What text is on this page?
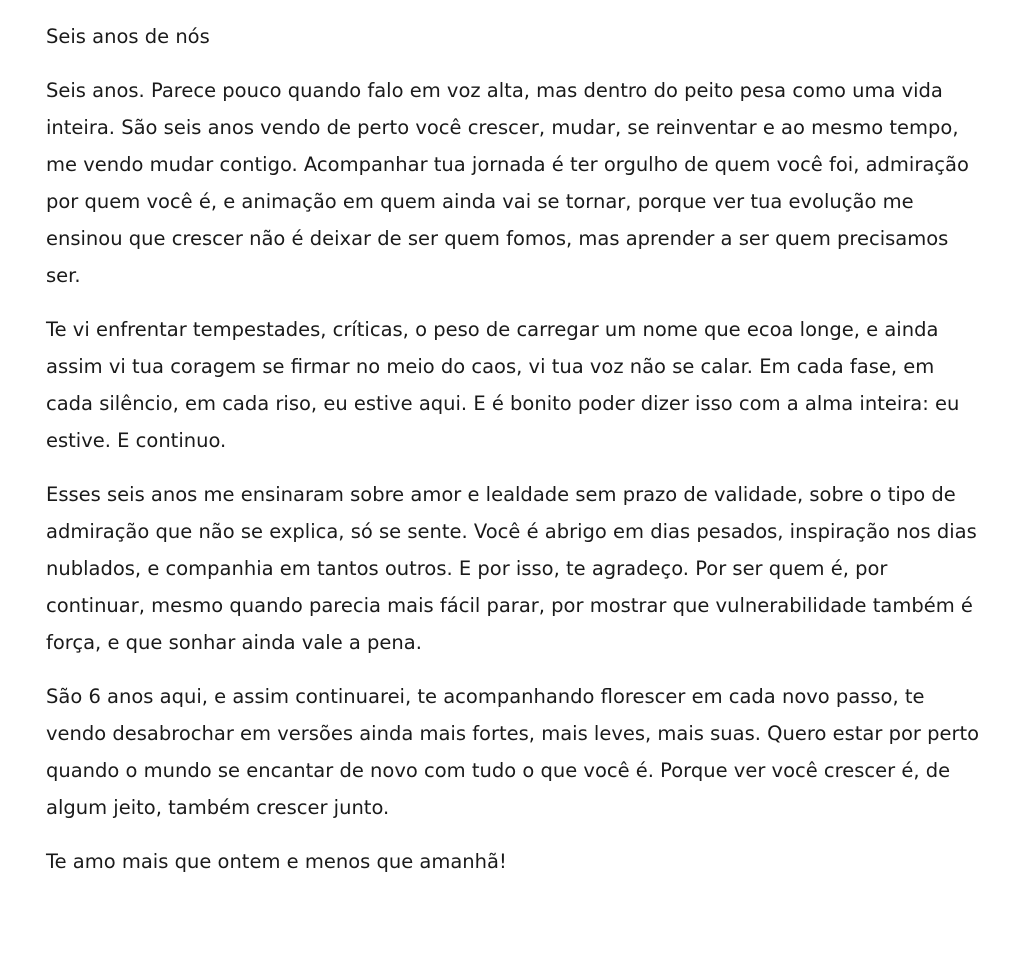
Seis anos de nós

Seis anos. Parece pouco quando falo em voz alta, mas dentro do peito pesa como uma vida inteira. São seis anos vendo de perto você crescer, mudar, se reinventar e ao mesmo tempo, me vendo mudar contigo. Acompanhar tua jornada é ter orgulho de quem você foi, admiração por quem você é, e animação em quem ainda vai se tornar, porque ver tua evolução me ensinou que crescer não é deixar de ser quem fomos, mas aprender a ser quem precisamos ser.

Te vi enfrentar tempestades, críticas, o peso de carregar um nome que ecoa longe, e ainda assim vi tua coragem se firmar no meio do caos, vi tua voz não se calar. Em cada fase, em cada silêncio, em cada riso, eu estive aqui. E é bonito poder dizer isso com a alma inteira: eu estive. E continuo.

Esses seis anos me ensinaram sobre amor e lealdade sem prazo de validade, sobre o tipo de admiração que não se explica, só se sente. Você é abrigo em dias pesados, inspiração nos dias nublados, e companhia em tantos outros. E por isso, te agradeço. Por ser quem é, por continuar, mesmo quando parecia mais fácil parar, por mostrar que vulnerabilidade também é força, e que sonhar ainda vale a pena.

São 6 anos aqui, e assim continuarei, te acompanhando florescer em cada novo passo, te vendo desabrochar em versões ainda mais fortes, mais leves, mais suas. Quero estar por perto quando o mundo se encantar de novo com tudo o que você é. Porque ver você crescer é, de algum jeito, também crescer junto.

Te amo mais que ontem e menos que amanhã!
